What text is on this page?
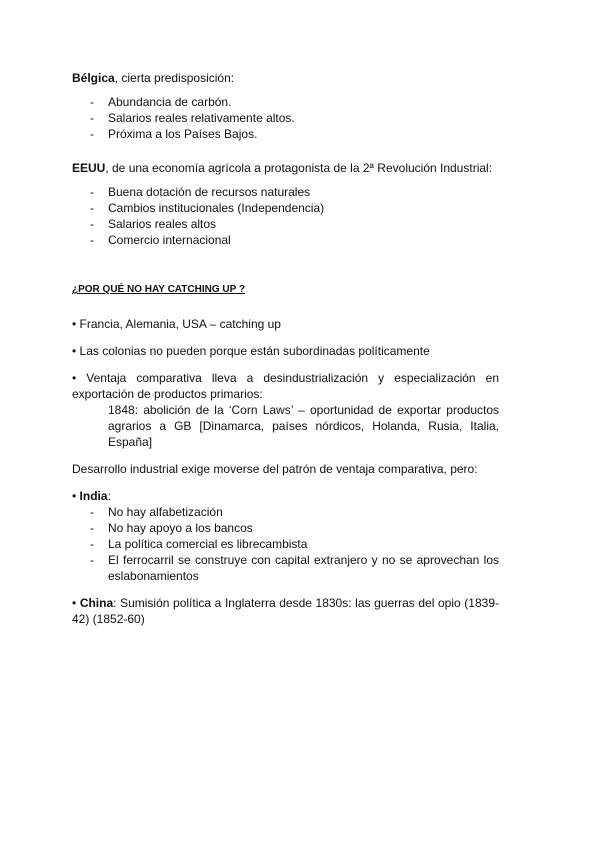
Bélgica, cierta predisposición:

- Abundancia de carbón.
- Salarios reales relativamente altos.
- Próxima a los Países Bajos.

EEUU, de una economía agrícola a protagonista de la 2ª Revolución Industrial:

- Buena dotación de recursos naturales
- Cambios institucionales (Independencia)
- Salarios reales altos
- Comercio internacional

¿POR QUÉ NO HAY CATCHING UP ?

• Francia, Alemania, USA – catching up

• Las colonias no pueden porque están subordinadas políticamente

• Ventaja comparativa lleva a desindustrialización y especialización en exportación de productos primarios:

1848: abolición de la ‘Corn Laws’ – oportunidad de exportar productos agrarios a GB [Dinamarca, países nórdicos, Holanda, Rusia, Italia, España]

Desarrollo industrial exige moverse del patrón de ventaja comparativa, pero:

• India:

- No hay alfabetización
- No hay apoyo a los bancos
- La política comercial es librecambista
- El ferrocarril se construye con capital extranjero y no se aprovechan los eslabonamientos

• China: Sumisión política a Inglaterra desde 1830s: las guerras del opio (1839-42) (1852-60)
